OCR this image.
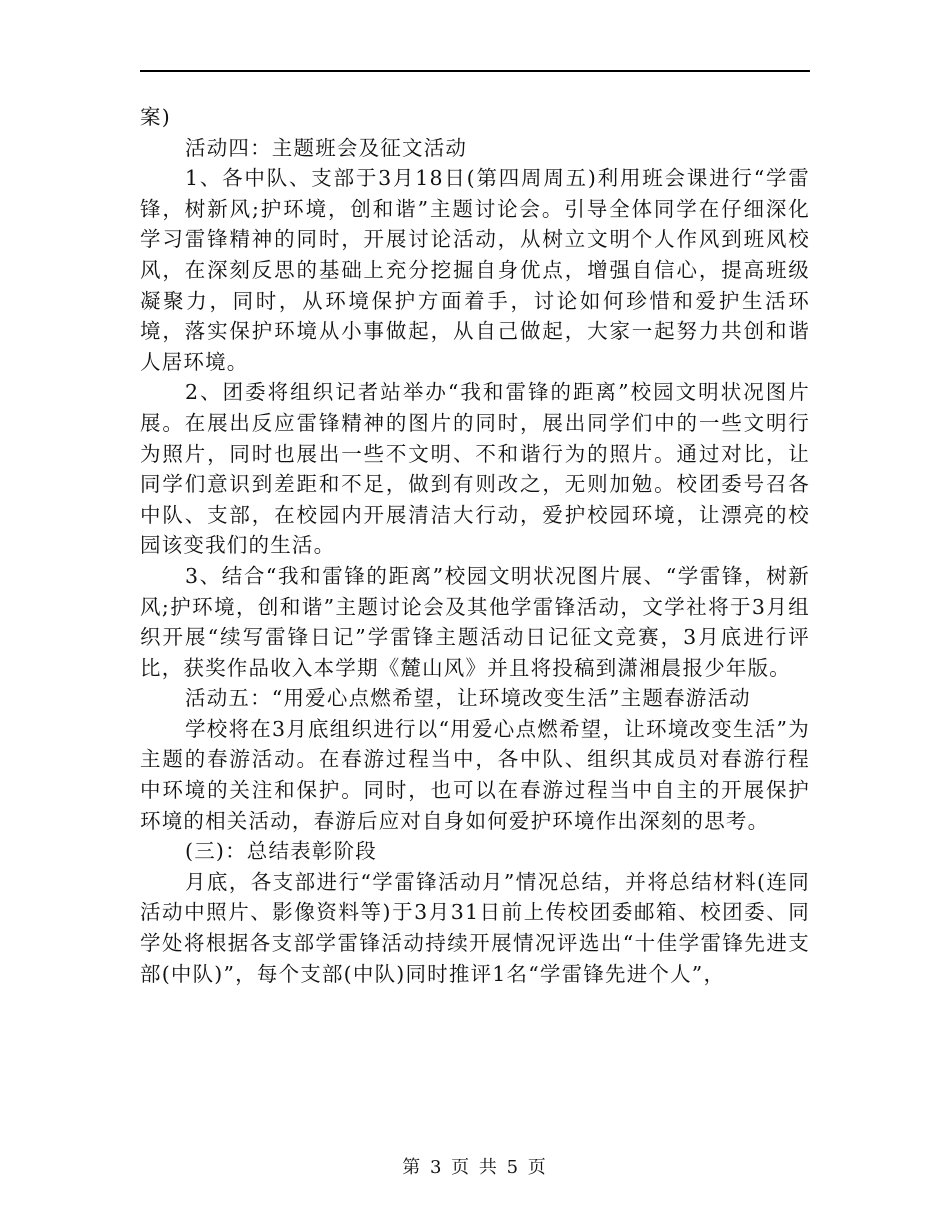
案)

活动四：主题班会及征文活动

1、各中队、支部于3月18日(第四周周五)利用班会课进行“学雷锋，树新风;护环境，创和谐”主题讨论会。引导全体同学在仔细深化学习雷锋精神的同时，开展讨论活动，从树立文明个人作风到班风校风，在深刻反思的基础上充分挖掘自身优点，增强自信心，提高班级凝聚力，同时，从环境保护方面着手，讨论如何珍惜和爱护生活环境，落实保护环境从小事做起，从自己做起，大家一起努力共创和谐人居环境。

2、团委将组织记者站举办“我和雷锋的距离”校园文明状况图片展。在展出反应雷锋精神的图片的同时，展出同学们中的一些文明行为照片，同时也展出一些不文明、不和谐行为的照片。通过对比，让同学们意识到差距和不足，做到有则改之，无则加勉。校团委号召各中队、支部，在校园内开展清洁大行动，爱护校园环境，让漂亮的校园该变我们的生活。

3、结合“我和雷锋的距离”校园文明状况图片展、“学雷锋，树新风;护环境，创和谐”主题讨论会及其他学雷锋活动，文学社将于3月组织开展“续写雷锋日记”学雷锋主题活动日记征文竞赛，3月底进行评比，获奖作品收入本学期《麓山风》并且将投稿到潇湘晨报少年版。

活动五：“用爱心点燃希望，让环境改变生活”主题春游活动

学校将在3月底组织进行以“用爱心点燃希望，让环境改变生活”为主题的春游活动。在春游过程当中，各中队、组织其成员对春游行程中环境的关注和保护。同时，也可以在春游过程当中自主的开展保护环境的相关活动，春游后应对自身如何爱护环境作出深刻的思考。

(三)：总结表彰阶段

月底，各支部进行“学雷锋活动月”情况总结，并将总结材料(连同活动中照片、影像资料等)于3月31日前上传校团委邮箱、校团委、同学处将根据各支部学雷锋活动持续开展情况评选出“十佳学雷锋先进支部(中队)”，每个支部(中队)同时推评1名“学雷锋先进个人”，

第 3 页 共 5 页
